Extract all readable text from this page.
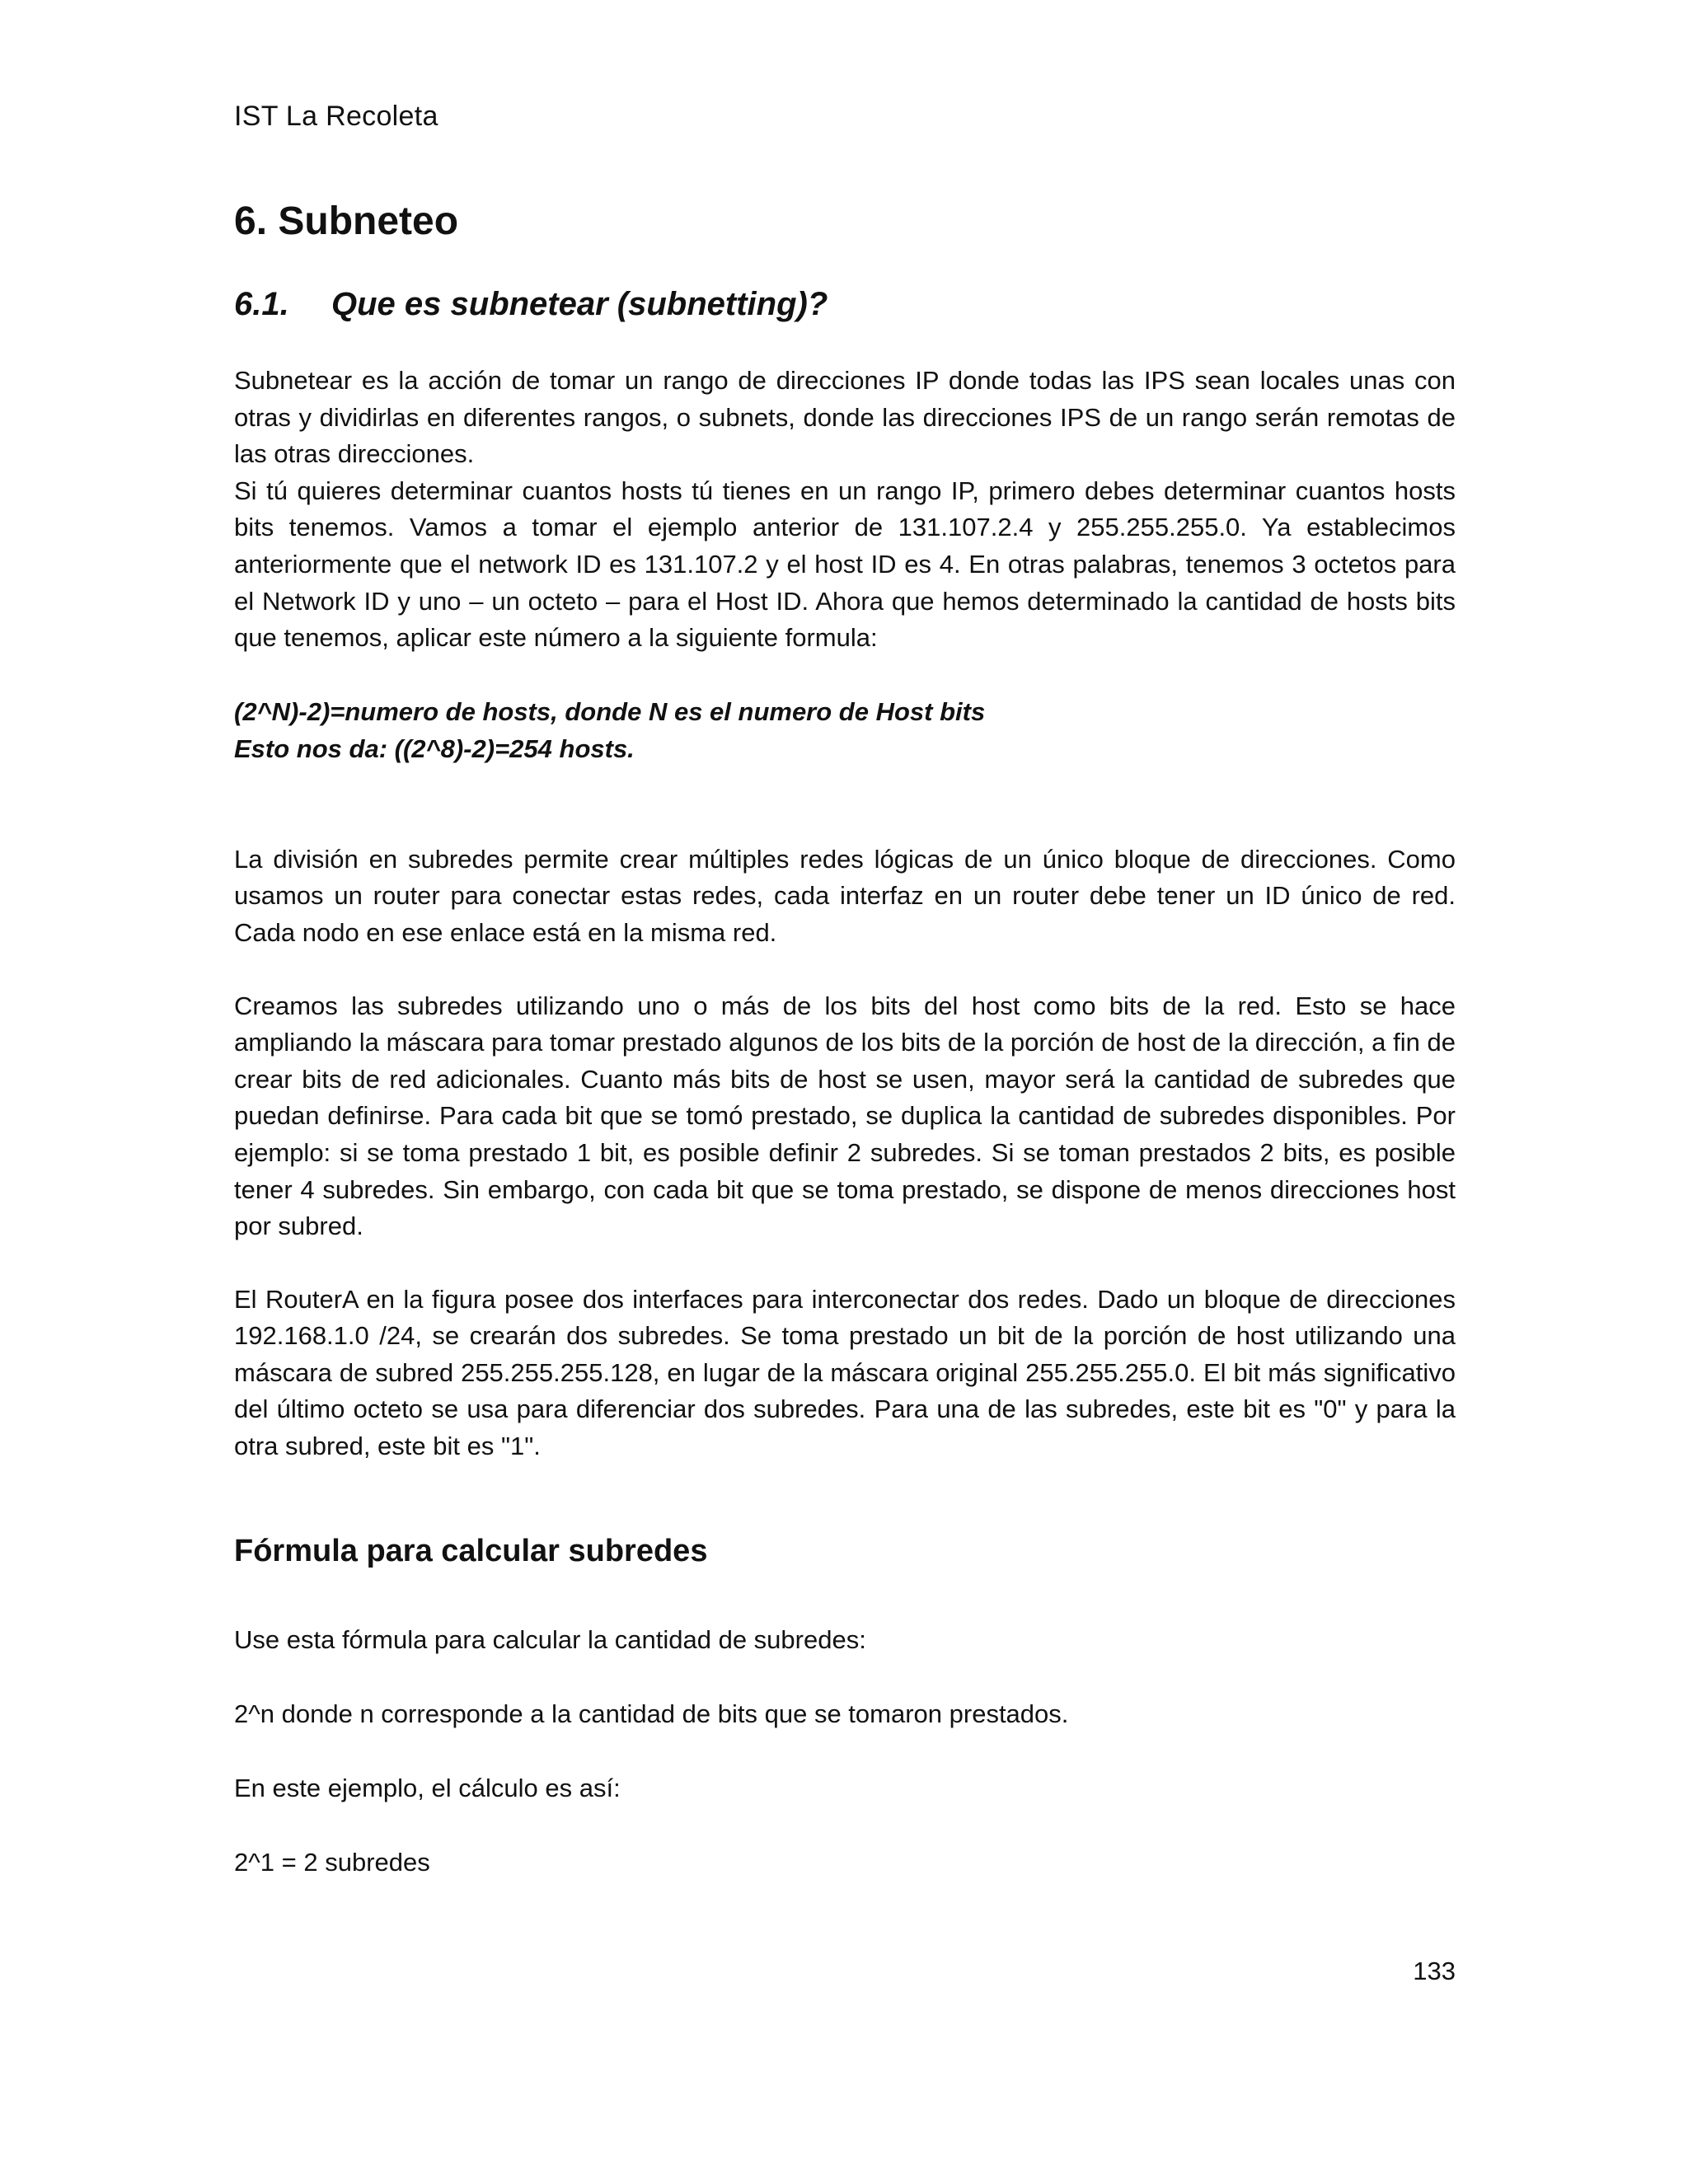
IST La Recoleta
6. Subneteo
6.1. Que es subnetear (subnetting)?

Subnetear es la acción de tomar un rango de direcciones IP donde todas las IPS sean locales unas con otras y dividirlas en diferentes rangos, o subnets, donde las direcciones IPS de un rango serán remotas de las otras direcciones.

Si tú quieres determinar cuantos hosts tú tienes en un rango IP, primero debes determinar cuantos hosts bits tenemos. Vamos a tomar el ejemplo anterior de 131.107.2.4 y 255.255.255.0. Ya establecimos anteriormente que el network ID es 131.107.2 y el host ID es 4. En otras palabras, tenemos 3 octetos para el Network ID y uno – un octeto – para el Host ID. Ahora que hemos determinado la cantidad de hosts bits que tenemos, aplicar este número a la siguiente formula:

(2^N)-2)=numero de hosts, donde N es el numero de Host bits
Esto nos da: ((2^8)-2)=254 hosts.

La división en subredes permite crear múltiples redes lógicas de un único bloque de direcciones. Como usamos un router para conectar estas redes, cada interfaz en un router debe tener un ID único de red. Cada nodo en ese enlace está en la misma red.

Creamos las subredes utilizando uno o más de los bits del host como bits de la red. Esto se hace ampliando la máscara para tomar prestado algunos de los bits de la porción de host de la dirección, a fin de crear bits de red adicionales. Cuanto más bits de host se usen, mayor será la cantidad de subredes que puedan definirse. Para cada bit que se tomó prestado, se duplica la cantidad de subredes disponibles. Por ejemplo: si se toma prestado 1 bit, es posible definir 2 subredes. Si se toman prestados 2 bits, es posible tener 4 subredes. Sin embargo, con cada bit que se toma prestado, se dispone de menos direcciones host por subred.

El RouterA en la figura posee dos interfaces para interconectar dos redes. Dado un bloque de direcciones 192.168.1.0 /24, se crearán dos subredes. Se toma prestado un bit de la porción de host utilizando una máscara de subred 255.255.255.128, en lugar de la máscara original 255.255.255.0. El bit más significativo del último octeto se usa para diferenciar dos subredes. Para una de las subredes, este bit es "0" y para la otra subred, este bit es "1".

Fórmula para calcular subredes

Use esta fórmula para calcular la cantidad de subredes:

2^n donde n corresponde a la cantidad de bits que se tomaron prestados.

En este ejemplo, el cálculo es así:

2^1 = 2 subredes

133
